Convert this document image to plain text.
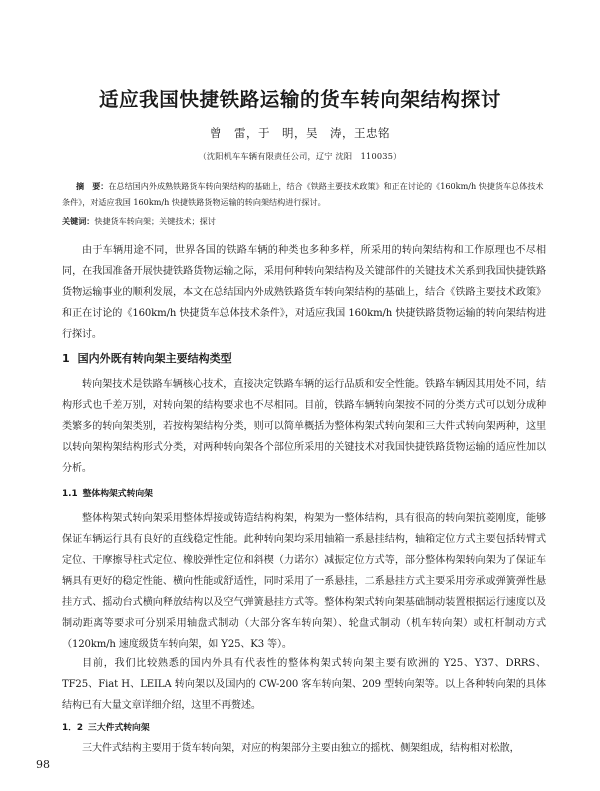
适应我国快捷铁路运输的货车转向架结构探讨
曾　雷，于　明，吴　涛，王忠铭
（沈阳机车车辆有限责任公司，辽宁 沈阳　110035）
摘　要：在总结国内外成熟铁路货车转向架结构的基础上，结合《铁路主要技术政策》和正在讨论的《160km/h 快捷货车总体技术条件》，对适应我国 160km/h 快捷铁路货物运输的转向架结构进行探讨。
关键词：快捷货车转向架；关键技术；探讨

由于车辆用途不同，世界各国的铁路车辆的种类也多种多样，所采用的转向架结构和工作原理也不尽相同，在我国准备开展快捷铁路货物运输之际，采用何种转向架结构及关键部件的关键技术关系到我国快捷铁路货物运输事业的顺利发展，本文在总结国内外成熟铁路货车转向架结构的基础上，结合《铁路主要技术政策》和正在讨论的《160km/h 快捷货车总体技术条件》，对适应我国 160km/h 快捷铁路货物运输的转向架结构进行探讨。

1 国内外既有转向架主要结构类型

转向架技术是铁路车辆核心技术，直接决定铁路车辆的运行品质和安全性能。铁路车辆因其用处不同，结构形式也千差万别，对转向架的结构要求也不尽相同。目前，铁路车辆转向架按不同的分类方式可以划分成种类繁多的转向架类别，若按构架结构分类，则可以简单概括为整体构架式转向架和三大件式转向架两种，这里以转向架构架结构形式分类，对两种转向架各个部位所采用的关键技术对我国快捷铁路货物运输的适应性加以分析。

1.1 整体构架式转向架

整体构架式转向架采用整体焊接或铸造结构构架，构架为一整体结构，具有很高的转向架抗菱刚度，能够保证车辆运行具有良好的直线稳定性能。此种转向架均采用轴箱一系悬挂结构，轴箱定位方式主要包括转臂式定位、干摩擦导柱式定位、橡胶弹性定位和斜楔（力诺尔）减振定位方式等，部分整体构架转向架为了保证车辆具有更好的稳定性能、横向性能或舒适性，同时采用了一系悬挂，二系悬挂方式主要采用旁承或弹簧弹性悬挂方式、摇动台式横向释放结构以及空气弹簧悬挂方式等。整体构架式转向架基础制动装置根据运行速度以及制动距离等要求可分别采用轴盘式制动（大部分客车转向架）、轮盘式制动（机车转向架）或杠杆制动方式（120km/h 速度级货车转向架，如 Y25、K3 等）。

目前，我们比较熟悉的国内外具有代表性的整体构架式转向架主要有欧洲的 Y25、Y37、DRRS、TF25、Fiat H、LEILA 转向架以及国内的 CW-200 客车转向架、209 型转向架等。以上各种转向架的具体结构已有大量文章详细介绍，这里不再赘述。

1．2 三大件式转向架

三大件式结构主要用于货车转向架，对应的构架部分主要由独立的摇枕、侧架组成，结构相对松散，

98
